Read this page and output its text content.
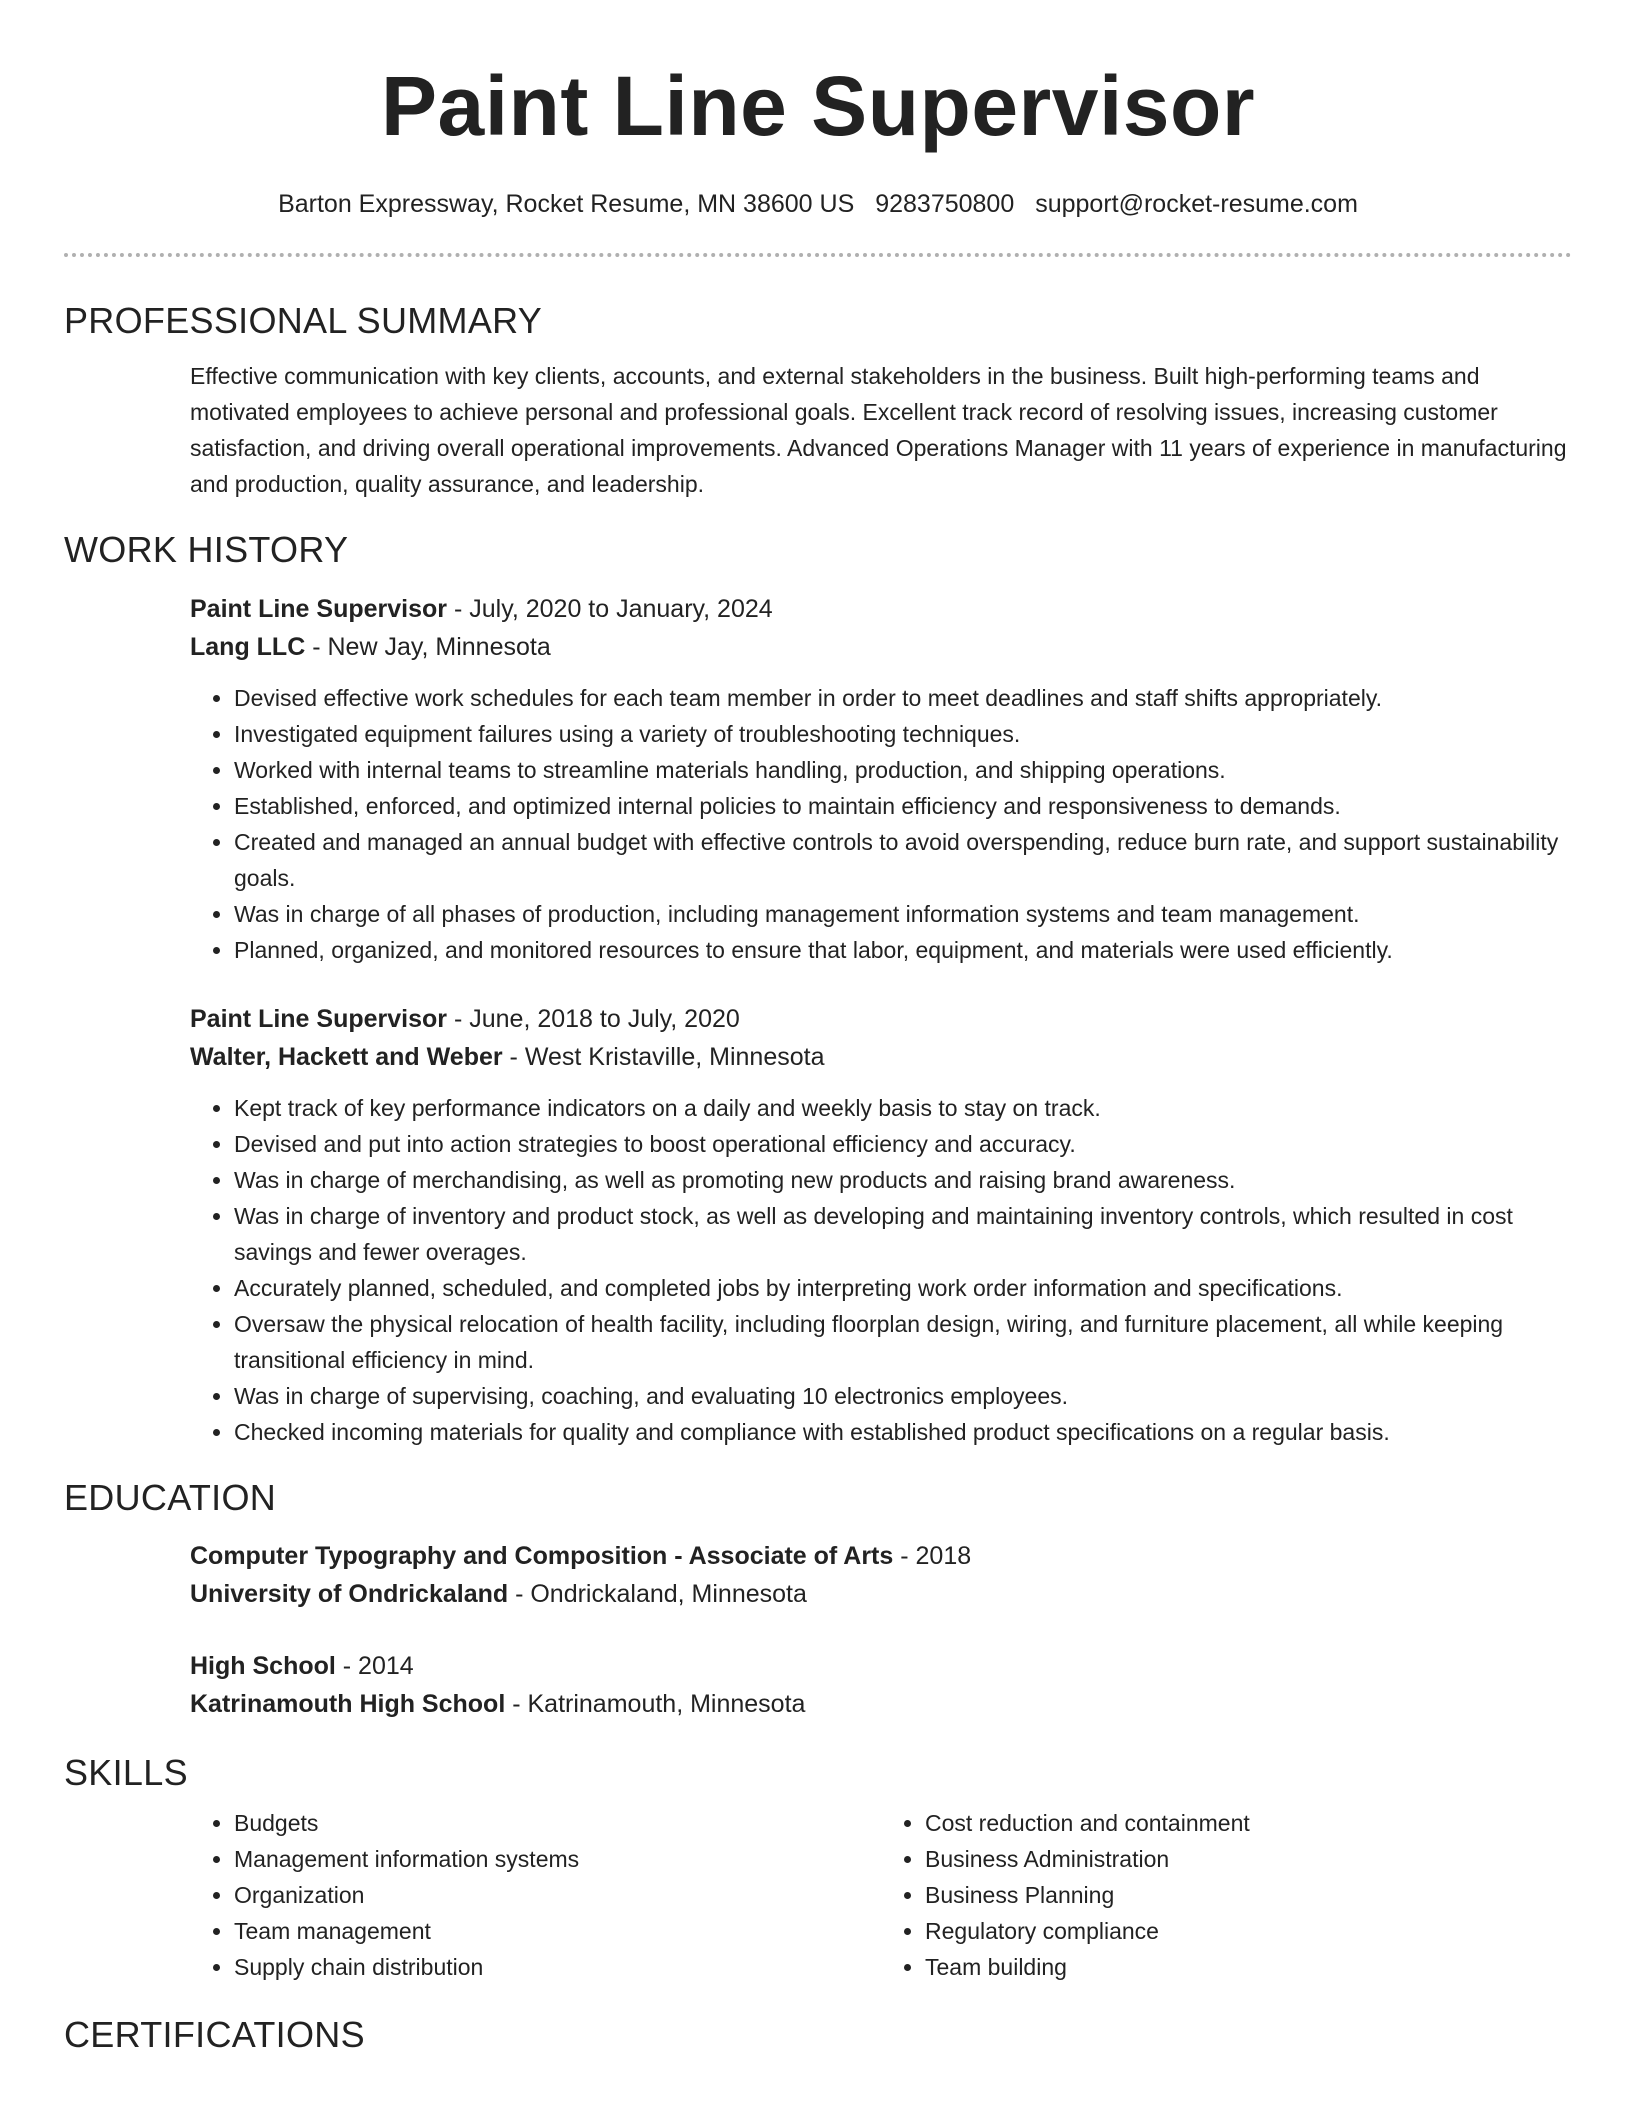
Paint Line Supervisor
Barton Expressway, Rocket Resume, MN 38600 US 9283750800 support@rocket-resume.com
PROFESSIONAL SUMMARY

Effective communication with key clients, accounts, and external stakeholders in the business. Built high-performing teams and motivated employees to achieve personal and professional goals. Excellent track record of resolving issues, increasing customer satisfaction, and driving overall operational improvements. Advanced Operations Manager with 11 years of experience in manufacturing and production, quality assurance, and leadership.

WORK HISTORY
Paint Line Supervisor - July, 2020 to January, 2024
Lang LLC - New Jay, Minnesota
• Devised effective work schedules for each team member in order to meet deadlines and staff shifts appropriately.
• Investigated equipment failures using a variety of troubleshooting techniques.
• Worked with internal teams to streamline materials handling, production, and shipping operations.
• Established, enforced, and optimized internal policies to maintain efficiency and responsiveness to demands.
• Created and managed an annual budget with effective controls to avoid overspending, reduce burn rate, and support sustainability goals.
• Was in charge of all phases of production, including management information systems and team management.
• Planned, organized, and monitored resources to ensure that labor, equipment, and materials were used efficiently.
Paint Line Supervisor - June, 2018 to July, 2020
Walter, Hackett and Weber - West Kristaville, Minnesota
• Kept track of key performance indicators on a daily and weekly basis to stay on track.
• Devised and put into action strategies to boost operational efficiency and accuracy.
• Was in charge of merchandising, as well as promoting new products and raising brand awareness.
• Was in charge of inventory and product stock, as well as developing and maintaining inventory controls, which resulted in cost savings and fewer overages.
• Accurately planned, scheduled, and completed jobs by interpreting work order information and specifications.
• Oversaw the physical relocation of health facility, including floorplan design, wiring, and furniture placement, all while keeping transitional efficiency in mind.
• Was in charge of supervising, coaching, and evaluating 10 electronics employees.
• Checked incoming materials for quality and compliance with established product specifications on a regular basis.
EDUCATION
Computer Typography and Composition - Associate of Arts - 2018
University of Ondrickaland - Ondrickaland, Minnesota
High School - 2014
Katrinamouth High School - Katrinamouth, Minnesota
SKILLS
• Budgets
• Management information systems
• Organization
• Team management
• Supply chain distribution
• Cost reduction and containment
• Business Administration
• Business Planning
• Regulatory compliance
• Team building
CERTIFICATIONS
